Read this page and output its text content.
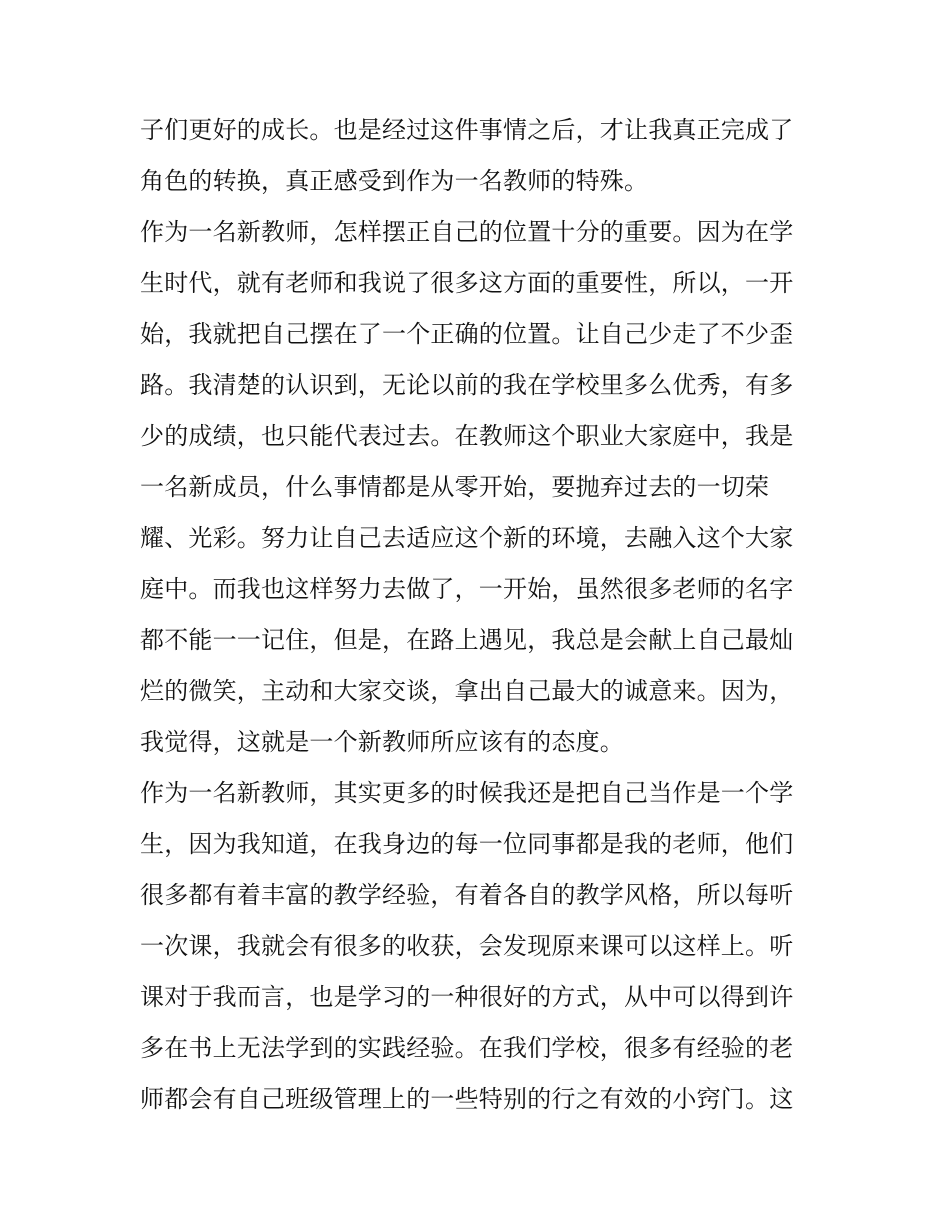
子们更好的成长。也是经过这件事情之后，才让我真正完成了
角色的转换，真正感受到作为一名教师的特殊。
作为一名新教师，怎样摆正自己的位置十分的重要。因为在学
生时代，就有老师和我说了很多这方面的重要性，所以，一开
始，我就把自己摆在了一个正确的位置。让自己少走了不少歪
路。我清楚的认识到，无论以前的我在学校里多么优秀，有多
少的成绩，也只能代表过去。在教师这个职业大家庭中，我是
一名新成员，什么事情都是从零开始，要抛弃过去的一切荣
耀、光彩。努力让自己去适应这个新的环境，去融入这个大家
庭中。而我也这样努力去做了，一开始，虽然很多老师的名字
都不能一一记住，但是，在路上遇见，我总是会献上自己最灿
烂的微笑，主动和大家交谈，拿出自己最大的诚意来。因为，
我觉得，这就是一个新教师所应该有的态度。
作为一名新教师，其实更多的时候我还是把自己当作是一个学
生，因为我知道，在我身边的每一位同事都是我的老师，他们
很多都有着丰富的教学经验，有着各自的教学风格，所以每听
一次课，我就会有很多的收获，会发现原来课可以这样上。听
课对于我而言，也是学习的一种很好的方式，从中可以得到许
多在书上无法学到的实践经验。在我们学校，很多有经验的老
师都会有自己班级管理上的一些特别的行之有效的小窍门。这
